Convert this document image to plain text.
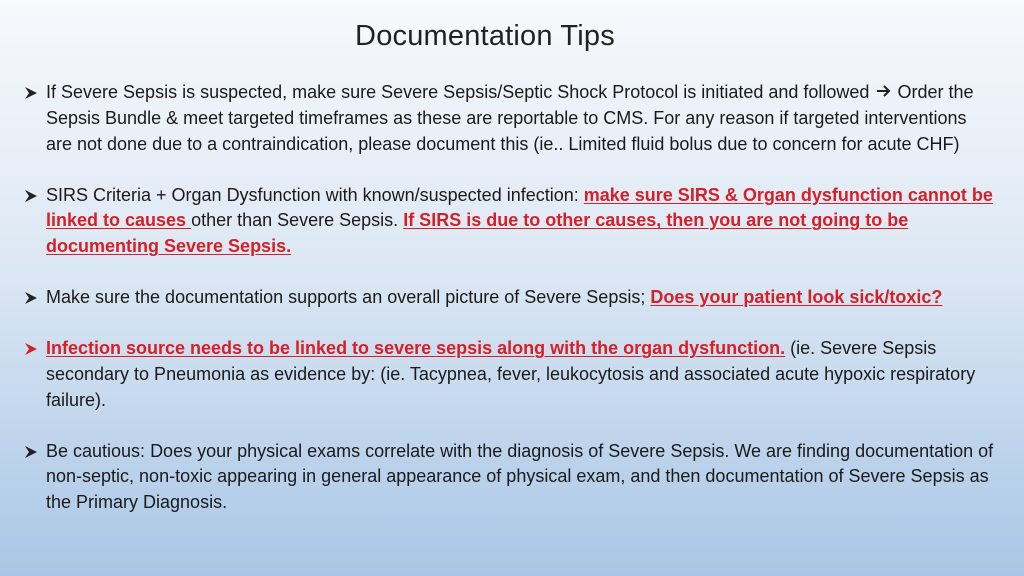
Documentation Tips
If Severe Sepsis is suspected, make sure Severe Sepsis/Septic Shock Protocol is initiated and followed Order the Sepsis Bundle & meet targeted timeframes as these are reportable to CMS. For any reason if targeted interventions are not done due to a contraindication, please document this (ie.. Limited fluid bolus due to concern for acute CHF)
SIRS Criteria + Organ Dysfunction with known/suspected infection: make sure SIRS & Organ dysfunction cannot be linked to causes other than Severe Sepsis. If SIRS is due to other causes, then you are not going to be documenting Severe Sepsis.
Make sure the documentation supports an overall picture of Severe Sepsis; Does your patient look sick/toxic?
Infection source needs to be linked to severe sepsis along with the organ dysfunction. (ie. Severe Sepsis secondary to Pneumonia as evidence by: (ie. Tacypnea, fever, leukocytosis and associated acute hypoxic respiratory failure).
Be cautious: Does your physical exams correlate with the diagnosis of Severe Sepsis. We are finding documentation of non-septic, non-toxic appearing in general appearance of physical exam, and then documentation of Severe Sepsis as the Primary Diagnosis.
